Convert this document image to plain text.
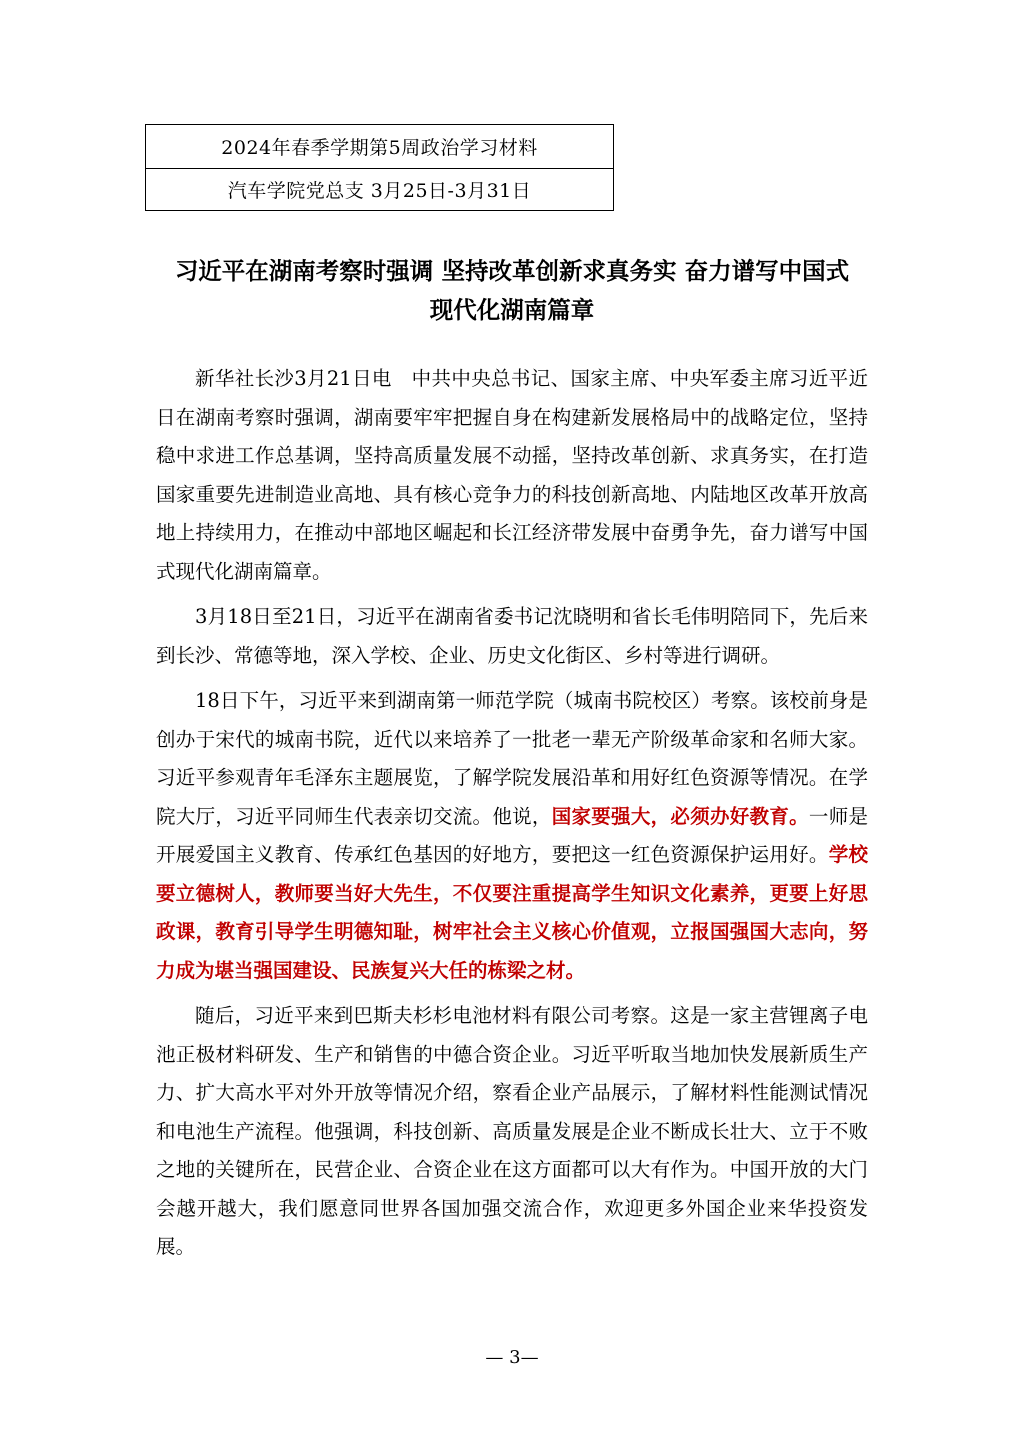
2024年春季学期第5周政治学习材料
汽车学院党总支 3月25日-3月31日
习近平在湖南考察时强调 坚持改革创新求真务实 奋力谱写中国式
现代化湖南篇章

新华社长沙3月21日电　中共中央总书记、国家主席、中央军委主席习近平近日在湖南考察时强调，湖南要牢牢把握自身在构建新发展格局中的战略定位，坚持稳中求进工作总基调，坚持高质量发展不动摇，坚持改革创新、求真务实，在打造国家重要先进制造业高地、具有核心竞争力的科技创新高地、内陆地区改革开放高地上持续用力，在推动中部地区崛起和长江经济带发展中奋勇争先，奋力谱写中国式现代化湖南篇章。

3月18日至21日，习近平在湖南省委书记沈晓明和省长毛伟明陪同下，先后来到长沙、常德等地，深入学校、企业、历史文化街区、乡村等进行调研。

18日下午，习近平来到湖南第一师范学院（城南书院校区）考察。该校前身是创办于宋代的城南书院，近代以来培养了一批老一辈无产阶级革命家和名师大家。习近平参观青年毛泽东主题展览，了解学院发展沿革和用好红色资源等情况。在学院大厅，习近平同师生代表亲切交流。他说，国家要强大，必须办好教育。一师是开展爱国主义教育、传承红色基因的好地方，要把这一红色资源保护运用好。学校要立德树人，教师要当好大先生，不仅要注重提高学生知识文化素养，更要上好思政课，教育引导学生明德知耻，树牢社会主义核心价值观，立报国强国大志向，努力成为堪当强国建设、民族复兴大任的栋梁之材。

随后，习近平来到巴斯夫杉杉电池材料有限公司考察。这是一家主营锂离子电池正极材料研发、生产和销售的中德合资企业。习近平听取当地加快发展新质生产力、扩大高水平对外开放等情况介绍，察看企业产品展示，了解材料性能测试情况和电池生产流程。他强调，科技创新、高质量发展是企业不断成长壮大、立于不败之地的关键所在，民营企业、合资企业在这方面都可以大有作为。中国开放的大门会越开越大，我们愿意同世界各国加强交流合作，欢迎更多外国企业来华投资发展。

— 3—
